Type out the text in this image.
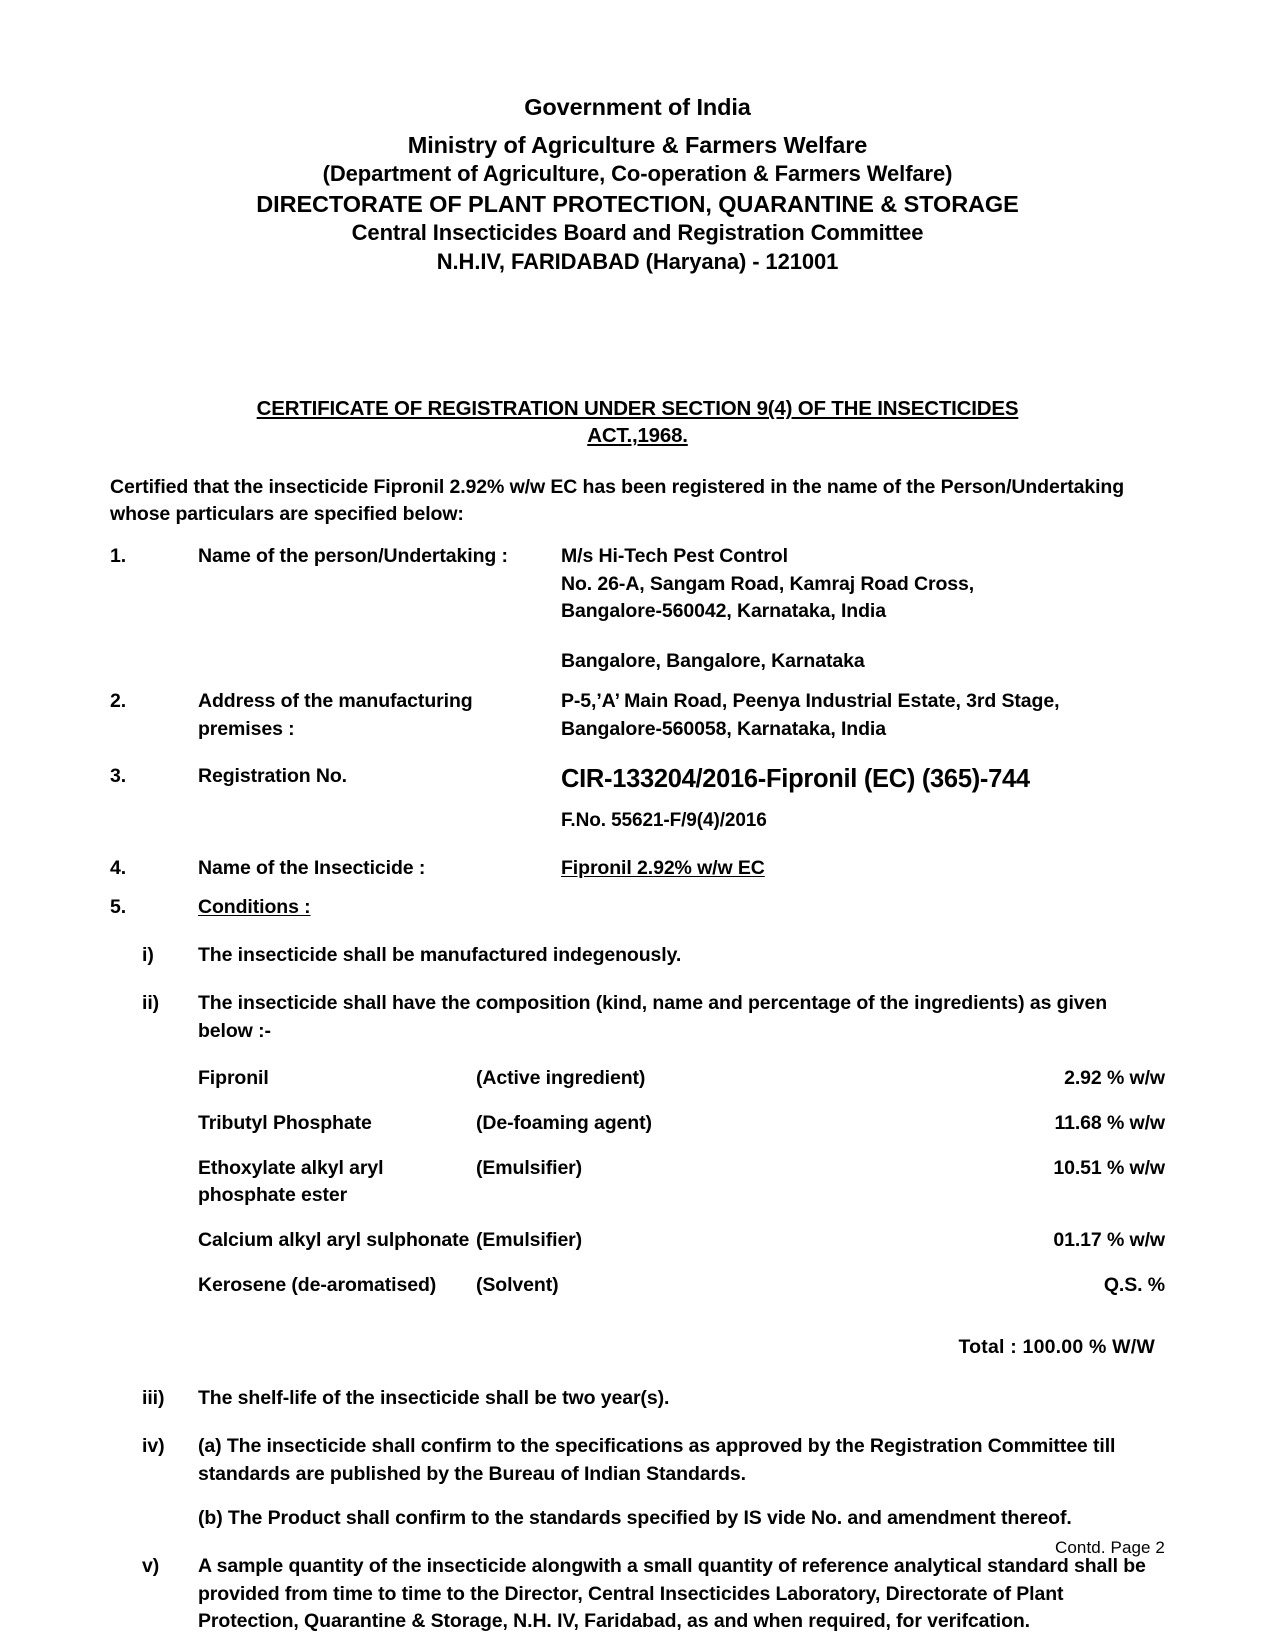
Government of India
Ministry of Agriculture & Farmers Welfare
(Department of Agriculture, Co-operation & Farmers Welfare)
DIRECTORATE OF PLANT PROTECTION, QUARANTINE & STORAGE
Central Insecticides Board and Registration Committee
N.H.IV, FARIDABAD (Haryana) - 121001
CERTIFICATE OF REGISTRATION UNDER SECTION 9(4) OF THE INSECTICIDES
ACT.,1968.
Certified that the insecticide Fipronil 2.92% w/w EC has been registered in the name of the Person/Undertaking whose particulars are specified below:
1.	Name of the person/Undertaking :	M/s Hi-Tech Pest Control
No. 26-A, Sangam Road, Kamraj Road Cross,
Bangalore-560042, Karnataka, India
Bangalore, Bangalore, Karnataka
2.	Address of the manufacturing premises :
P-5,’A’ Main Road, Peenya Industrial Estate, 3rd Stage,
Bangalore-560058, Karnataka, India
3.	Registration No.	CIR-133204/2016-Fipronil (EC) (365)-744
F.No. 55621-F/9(4)/2016
4.	Name of the Insecticide :	Fipronil 2.92% w/w EC
5.	Conditions :
i)	The insecticide shall be manufactured indegenously.
ii)	The insecticide shall have the composition (kind, name and percentage of the ingredients) as given below :-
Fipronil	(Active ingredient)	2.92 % w/w
Tributyl Phosphate	(De-foaming agent)	11.68 % w/w
Ethoxylate alkyl aryl phosphate ester	(Emulsifier)	10.51 % w/w
Calcium alkyl aryl sulphonate	(Emulsifier)	01.17 % w/w
Kerosene (de-aromatised)	(Solvent)	Q.S. %
Total : 100.00 % W/W
iii)	The shelf-life of the insecticide shall be two year(s).
iv)	(a) The insecticide shall confirm to the specifications as approved by the Registration Committee till standards are published by the Bureau of Indian Standards.
(b) The Product shall confirm to the standards specified by IS vide No. and amendment thereof.
v)	A sample quantity of the insecticide alongwith a small quantity of reference analytical standard shall be provided from time to time to the Director, Central Insecticides Laboratory, Directorate of Plant Protection, Quarantine & Storage, N.H. IV, Faridabad, as and when required, for verifcation.
Contd. Page 2
